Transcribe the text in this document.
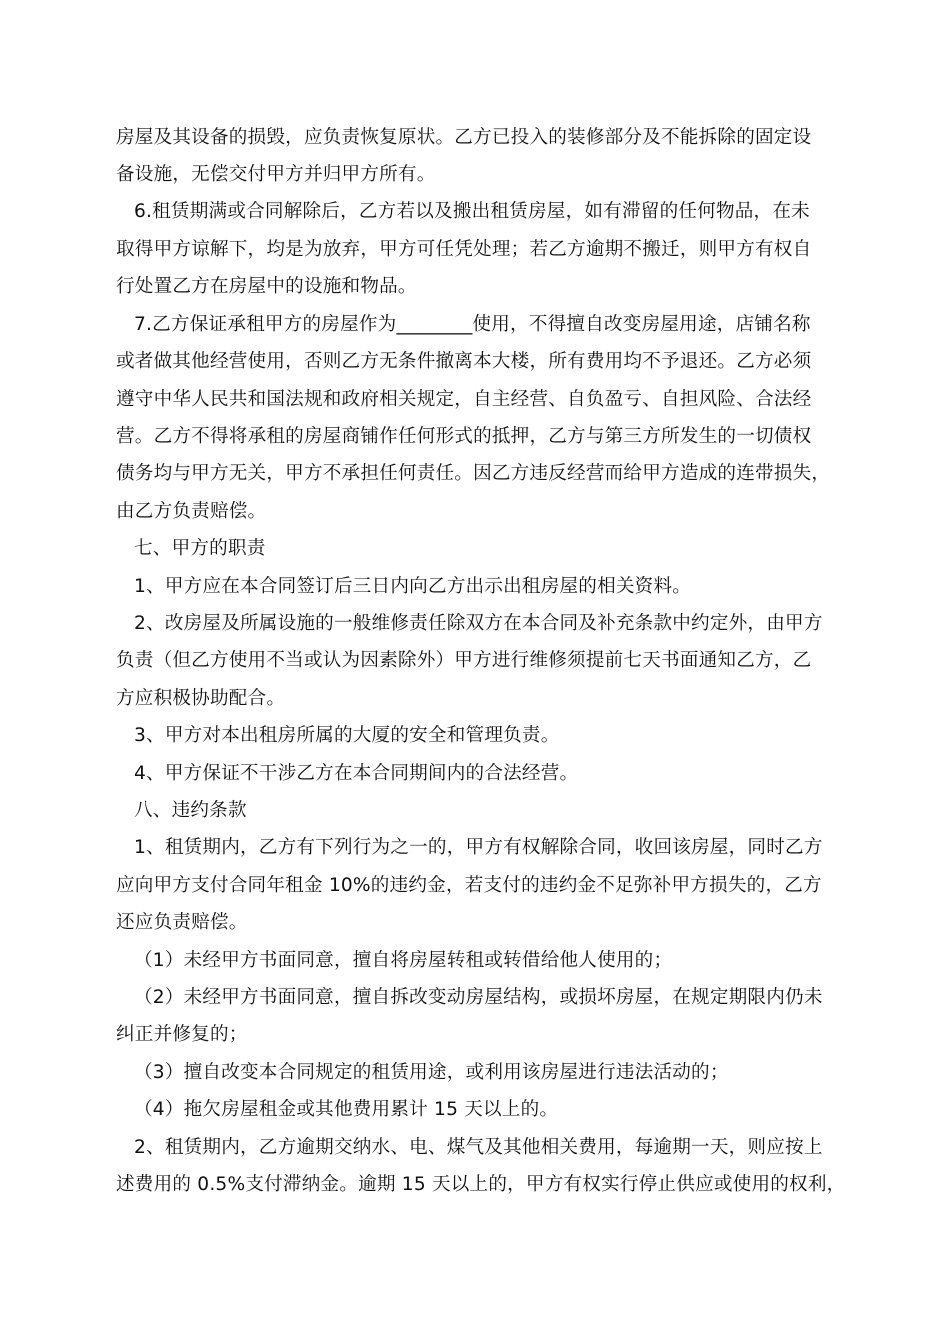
房屋及其设备的损毁，应负责恢复原状。乙方已投入的装修部分及不能拆除的固定设
备设施，无偿交付甲方并归甲方所有。
6.租赁期满或合同解除后，乙方若以及搬出租赁房屋，如有滞留的任何物品，在未
取得甲方谅解下，均是为放弃，甲方可任凭处理；若乙方逾期不搬迁，则甲方有权自
行处置乙方在房屋中的设施和物品。
7.乙方保证承租甲方的房屋作为________使用，不得擅自改变房屋用途，店铺名称
或者做其他经营使用，否则乙方无条件撤离本大楼，所有费用均不予退还。乙方必须
遵守中华人民共和国法规和政府相关规定，自主经营、自负盈亏、自担风险、合法经
营。乙方不得将承租的房屋商铺作任何形式的抵押，乙方与第三方所发生的一切债权
债务均与甲方无关，甲方不承担任何责任。因乙方违反经营而给甲方造成的连带损失，
由乙方负责赔偿。
七、甲方的职责
1、甲方应在本合同签订后三日内向乙方出示出租房屋的相关资料。
2、改房屋及所属设施的一般维修责任除双方在本合同及补充条款中约定外，由甲方
负责（但乙方使用不当或认为因素除外）甲方进行维修须提前七天书面通知乙方，乙
方应积极协助配合。
3、甲方对本出租房所属的大厦的安全和管理负责。
4、甲方保证不干涉乙方在本合同期间内的合法经营。
八、违约条款
1、租赁期内，乙方有下列行为之一的，甲方有权解除合同，收回该房屋，同时乙方
应向甲方支付合同年租金 10%的违约金，若支付的违约金不足弥补甲方损失的，乙方
还应负责赔偿。
（1）未经甲方书面同意，擅自将房屋转租或转借给他人使用的；
（2）未经甲方书面同意，擅自拆改变动房屋结构，或损坏房屋，在规定期限内仍未
纠正并修复的；
（3）擅自改变本合同规定的租赁用途，或利用该房屋进行违法活动的；
（4）拖欠房屋租金或其他费用累计 15 天以上的。
2、租赁期内，乙方逾期交纳水、电、煤气及其他相关费用，每逾期一天，则应按上
述费用的 0.5%支付滞纳金。逾期 15 天以上的，甲方有权实行停止供应或使用的权利，
